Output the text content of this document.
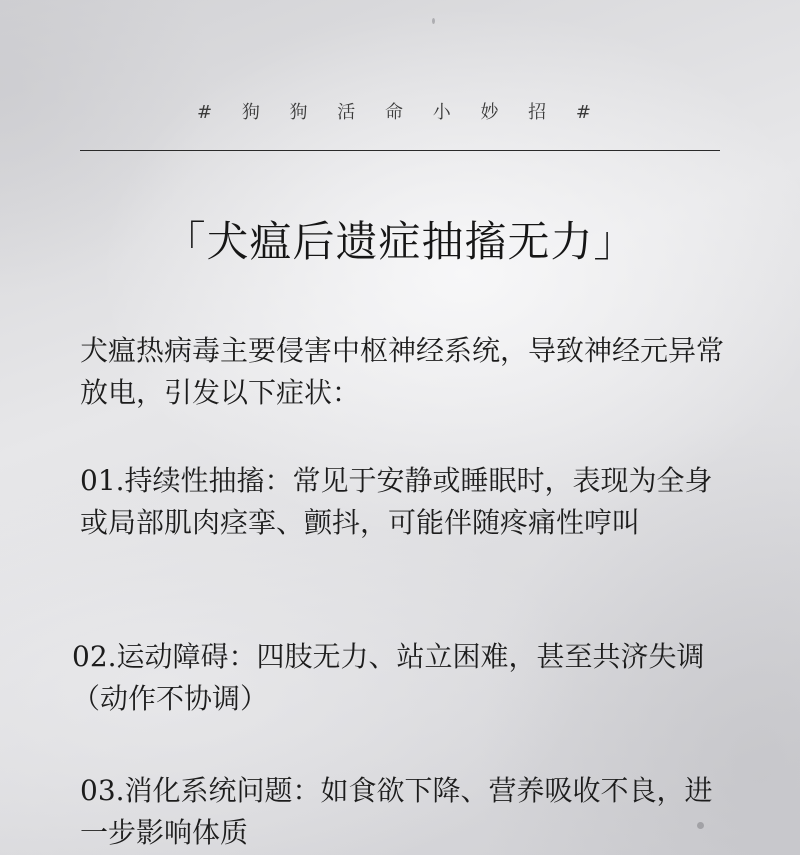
# 狗 狗 活 命 小 妙 招 #
「犬瘟后遗症抽搐无力」

犬瘟热病毒主要侵害中枢神经系统，导致神经元异常放电，引发以下症状：

01.持续性抽搐：常见于安静或睡眠时，表现为全身或局部肌肉痉挛、颤抖，可能伴随疼痛性哼叫

02.运动障碍：四肢无力、站立困难，甚至共济失调（动作不协调）

03.消化系统问题：如食欲下降、营养吸收不良，进一步影响体质
